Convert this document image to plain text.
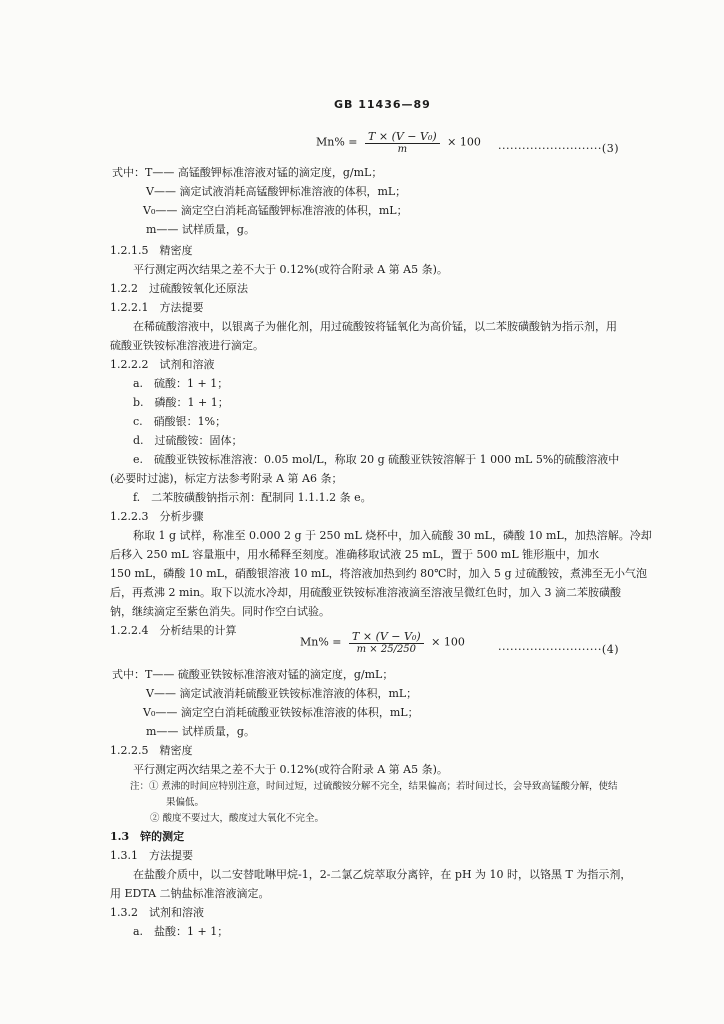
GB 11436—89
$Mn\% = \frac{\text{T × (V − V₀)}}{m} \times 100 \cdot\cdot\cdot\cdot\cdot\cdot\cdot\cdot\cdot\cdot\cdot\cdot\cdot\cdot\cdot\cdot\cdot\cdot\cdot\cdot\cdot\cdot\cdot\cdot\cdot\cdot(3)$
式中：T—— 高锰酸钾标准溶液对锰的滴定度，g/mL；
V—— 滴定试液消耗高锰酸钾标准溶液的体积，mL；
V₀—— 滴定空白消耗高锰酸钾标准溶液的体积，mL；
m—— 试样质量，g。
1.2.1.5　精密度
平行测定两次结果之差不大于 0.12%(或符合附录 A 第 A5 条)。
1.2.2　过硫酸铵氧化还原法
1.2.2.1　方法提要
在稀硫酸溶液中，以银离子为催化剂，用过硫酸铵将锰氧化为高价锰，以二苯胺磺酸钠为指示剂，用
硫酸亚铁铵标准溶液进行滴定。
1.2.2.2　试剂和溶液
a.　硫酸：1 + 1；
b.　磷酸：1 + 1；
c.　硝酸银：1%；
d.　过硫酸铵：固体；
e.　硫酸亚铁铵标准溶液：0.05 mol/L，称取 20 g 硫酸亚铁铵溶解于 1 000 mL 5%的硫酸溶液中
(必要时过滤)，标定方法参考附录 A 第 A6 条；
f.　二苯胺磺酸钠指示剂：配制同 1.1.1.2 条 e。
1.2.2.3　分析步骤
称取 1 g 试样，称准至 0.000 2 g 于 250 mL 烧杯中，加入硫酸 30 mL，磷酸 10 mL，加热溶解。冷却
后移入 250 mL 容量瓶中，用水稀释至刻度。准确移取试液 25 mL，置于 500 mL 锥形瓶中，加水
150 mL，磷酸 10 mL，硝酸银溶液 10 mL，将溶液加热到约 80℃时，加入 5 g 过硫酸铵，煮沸至无小气泡
后，再煮沸 2 min。取下以流水冷却，用硫酸亚铁铵标准溶液滴至溶液呈微红色时，加入 3 滴二苯胺磺酸
钠，继续滴定至紫色消失。同时作空白试验。
1.2.2.4　分析结果的计算
$Mn\% = \frac{\text{T × (V − V₀)}}{m \times 25/250} \times 100$
··························(4)
式中：T—— 硫酸亚铁铵标准溶液对锰的滴定度，g/mL；
V—— 滴定试液消耗硫酸亚铁铵标准溶液的体积，mL；
V₀—— 滴定空白消耗硫酸亚铁铵标准溶液的体积，mL；
m—— 试样质量，g。
1.2.2.5　精密度
平行测定两次结果之差不大于 0.12%(或符合附录 A 第 A5 条)。
注：① 煮沸的时间应特别注意，时间过短，过硫酸铵分解不完全，结果偏高；若时间过长，会导致高锰酸分解，使结
果偏低。
② 酸度不要过大，酸度过大氧化不完全。
1.3　锌的测定
1.3.1　方法提要
在盐酸介质中，以二安替吡啉甲烷-1，2-二氯乙烷萃取分离锌，在 pH 为 10 时，以铬黑 T 为指示剂，
用 EDTA 二钠盐标准溶液滴定。
1.3.2　试剂和溶液
a.　盐酸：1 + 1；
